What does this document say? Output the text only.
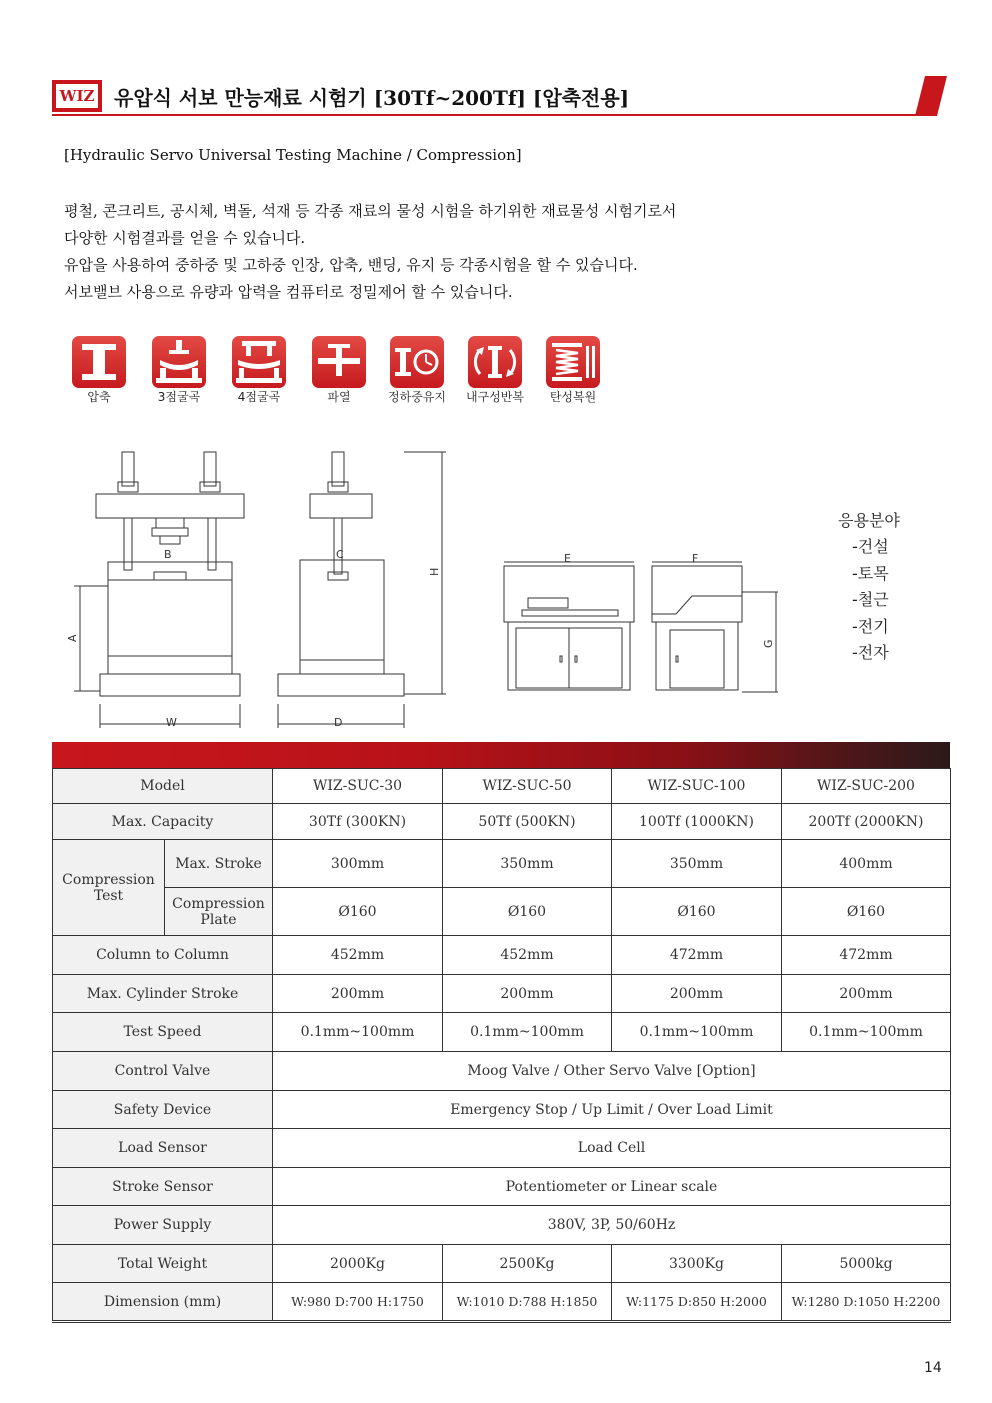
WIZ 유압식 서보 만능재료 시험기 [30Tf~200Tf] [압축전용]
[Hydraulic Servo Universal Testing Machine / Compression]
평철, 콘크리트, 공시체, 벽돌, 석재 등 각종 재료의 물성 시험을 하기위한 재료물성 시험기로서
다양한 시험결과를 얻을 수 있습니다.
유압을 사용하여 중하중 및 고하중 인장, 압축, 밴딩, 유지 등 각종시험을 할 수 있습니다.
서보밸브 사용으로 유량과 압력을 컴퓨터로 정밀제어 할 수 있습니다.
압축	3점굴곡	4점굴곡	파열	정하중유지	내구성반복	탄성복원
B	C
W	D
E	F
A
H
G
응용분야
-건설
-토목
-철근
-전기
-전자
Model		WIZ-SUC-30	WIZ-SUC-50	WIZ-SUC-100	WIZ-SUC-200
Max. Capacity		30Tf (300KN)	50Tf (500KN)	100Tf (1000KN)	200Tf (2000KN)
Compression Test	Max. Stroke	300mm	350mm	350mm	400mm
	Compression Plate	Ø160	Ø160	Ø160	Ø160
Column to Column		452mm	452mm	472mm	472mm
Max. Cylinder Stroke		200mm	200mm	200mm	200mm
Test Speed		0.1mm~100mm	0.1mm~100mm	0.1mm~100mm	0.1mm~100mm
Control Valve		Moog Valve / Other Servo Valve [Option]			
Safety Device		Emergency Stop / Up Limit / Over Load Limit			
Load Sensor		Load Cell			
Stroke Sensor		Potentiometer or Linear scale			
Power Supply		380V, 3P, 50/60Hz			
Total Weight		2000Kg	2500Kg	3300Kg	5000kg
Dimension (mm)		W:980 D:700 H:1750	W:1010 D:788 H:1850	W:1175 D:850 H:2000	W:1280 D:1050 H:2200
14
